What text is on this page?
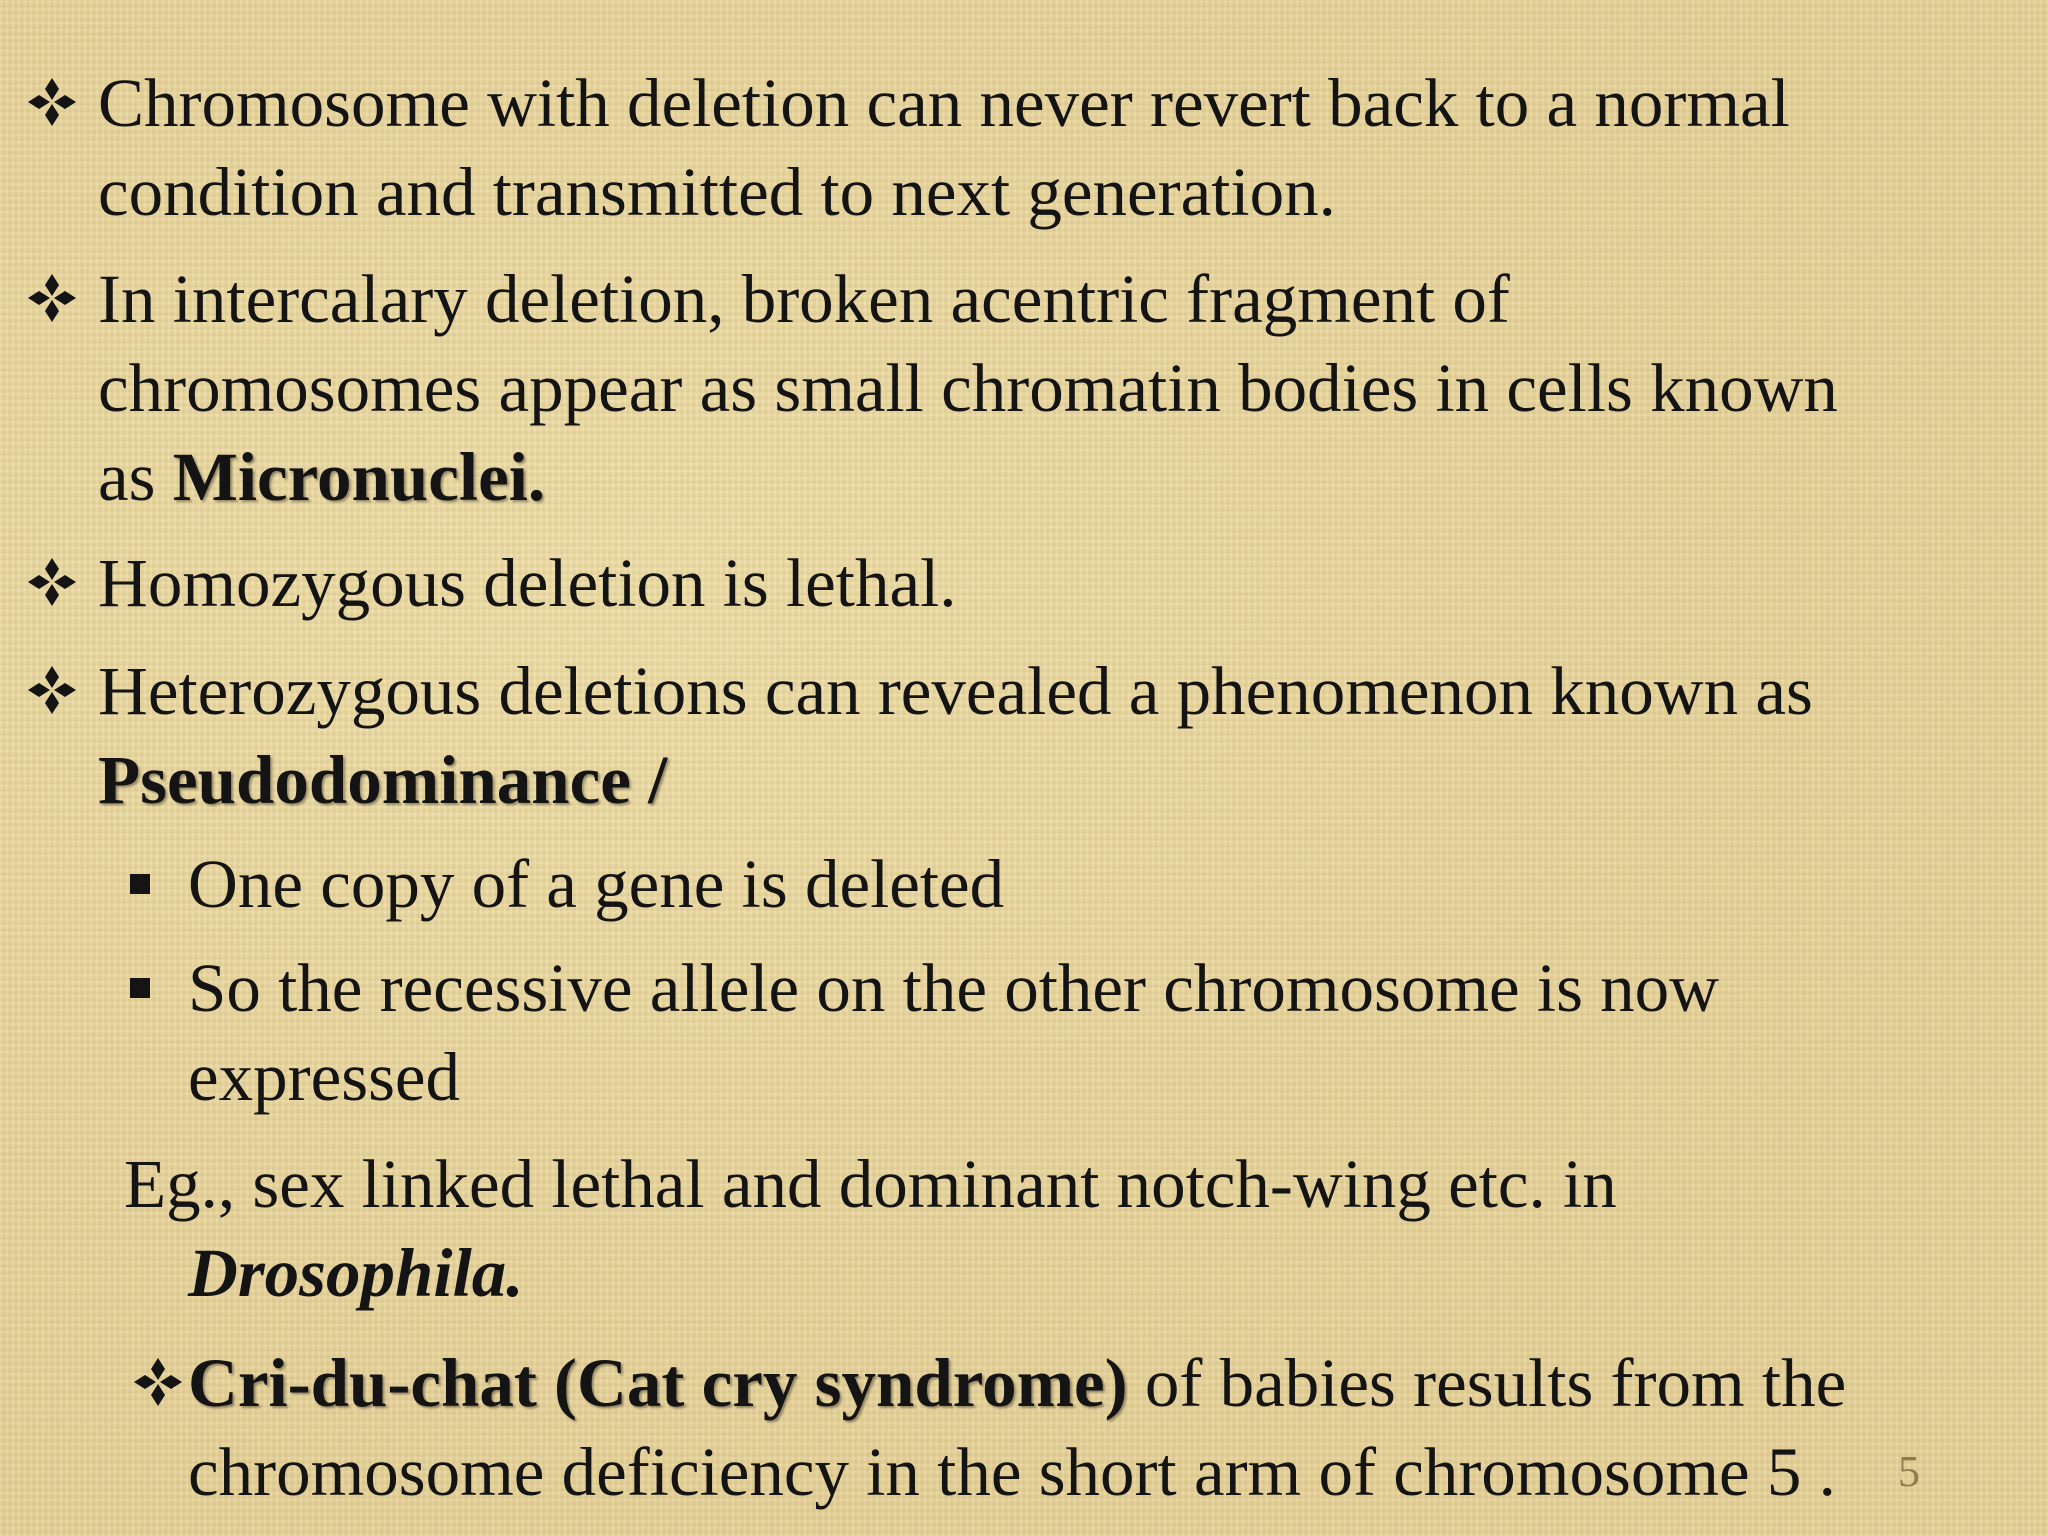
Chromosome with deletion can never revert back to a normal
condition and transmitted to next generation.
In intercalary deletion, broken acentric fragment of
chromosomes appear as small chromatin bodies in cells known
as Micronuclei.
Homozygous deletion is lethal.
Heterozygous deletions can revealed a phenomenon known as
Pseudodominance /
One copy of a gene is deleted
So the recessive allele on the other chromosome is now
expressed
Eg., sex linked lethal and dominant notch-wing etc. in
Drosophila.
Cri-du-chat (Cat cry syndrome) of babies results from the
chromosome deficiency in the short arm of chromosome 5 . 5
